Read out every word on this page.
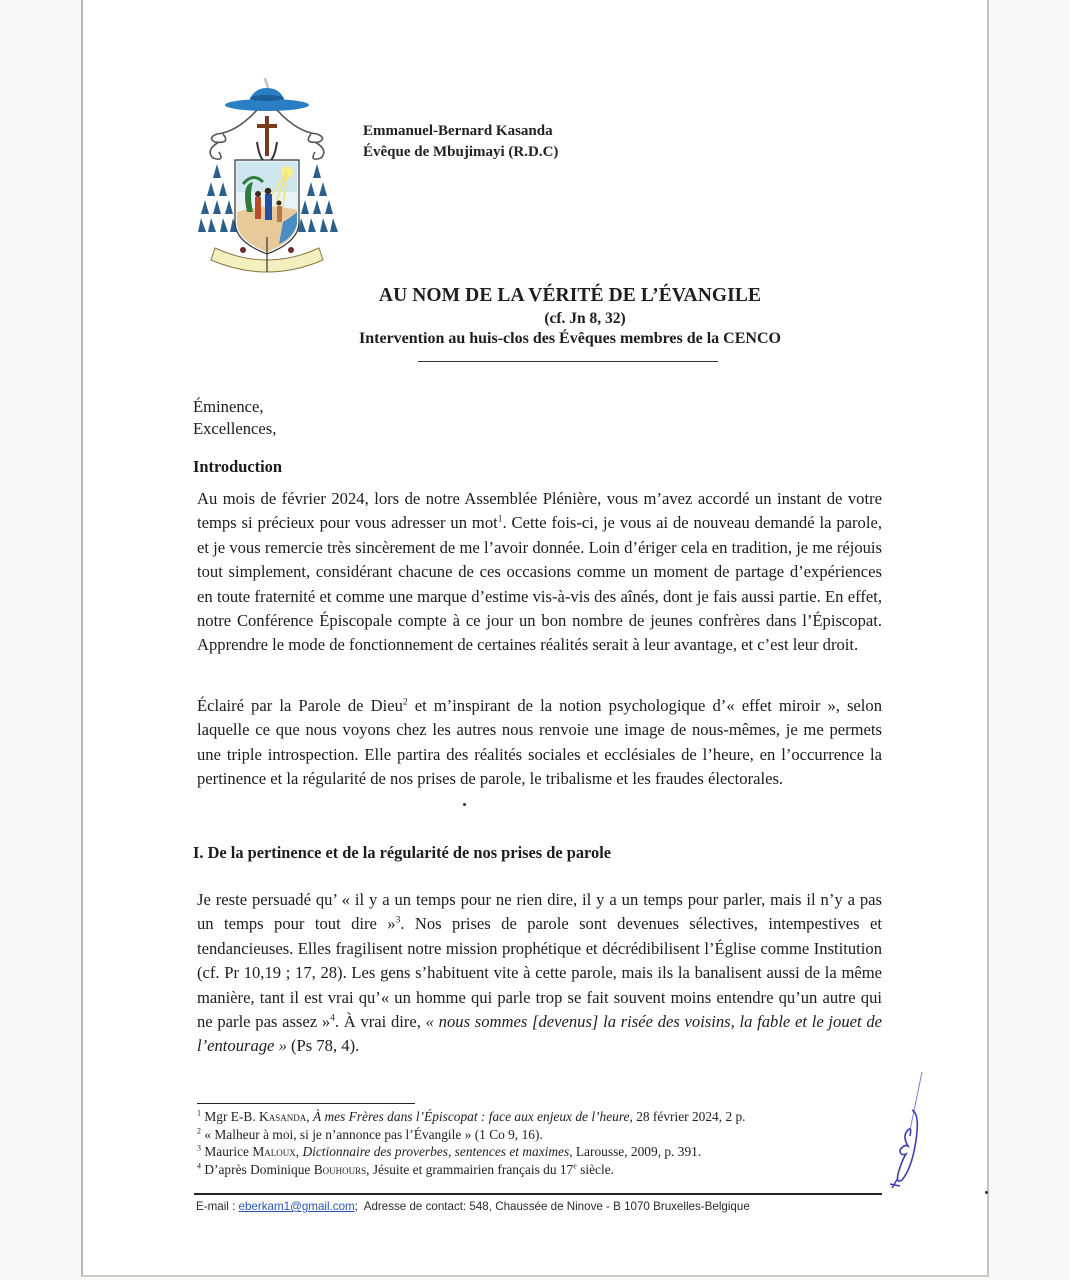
Emmanuel-Bernard Kasanda
Évêque de Mbujimayi (R.D.C)
AU NOM DE LA VÉRITÉ DE L’ÉVANGILE
(cf. Jn 8, 32)
Intervention au huis-clos des Évêques membres de la CENCO
Éminence,
Excellences,
Introduction
Au mois de février 2024, lors de notre Assemblée Plénière, vous m’avez accordé un instant de votre temps si précieux pour vous adresser un mot$^1$. Cette fois-ci, je vous ai de nouveau demandé la parole, et je vous remercie très sincèrement de me l’avoir donnée. Loin d’ériger cela en tradition, je me réjouis tout simplement, considérant chacune de ces occasions comme un moment de partage d’expériences en toute fraternité et comme une marque d’estime vis-à-vis des aînés, dont je fais aussi partie. En effet, notre Conférence Épiscopale compte à ce jour un bon nombre de jeunes confrères dans l’Épiscopat. Apprendre le mode de fonctionnement de certaines réalités serait à leur avantage, et c’est leur droit.
Éclairé par la Parole de Dieu$^2$ et m’inspirant de la notion psychologique d’« effet miroir », selon laquelle ce que nous voyons chez les autres nous renvoie une image de nous-mêmes, je me permets une triple introspection. Elle partira des réalités sociales et ecclésiales de l’heure, en l’occurrence la pertinence et la régularité de nos prises de parole, le tribalisme et les fraudes électorales.
I. De la pertinence et de la régularité de nos prises de parole
Je reste persuadé qu’ « il y a un temps pour ne rien dire, il y a un temps pour parler, mais il n’y a pas un temps pour tout dire »$^3$. Nos prises de parole sont devenues sélectives, intempestives et tendancieuses. Elles fragilisent notre mission prophétique et décrédibilisent l’Église comme Institution (cf. Pr 10,19 ; 17, 28). Les gens s’habituent vite à cette parole, mais ils la banalisent aussi de la même manière, tant il est vrai qu’« un homme qui parle trop se fait souvent moins entendre qu’un autre qui ne parle pas assez »$^4$. À vrai dire, « nous sommes [devenus] la risée des voisins, la fable et le jouet de l’entourage » (Ps 78, 4).
$^1$ Mgr E-B. Kasanda, À mes Frères dans l’Épiscopat : face aux enjeux de l’heure, 28 février 2024, 2 p.
$^2$ « Malheur à moi, si je n’annonce pas l’Évangile » (1 Co 9, 16).
$^3$ Maurice Maloux, Dictionnaire des proverbes, sentences et maximes, Larousse, 2009, p. 391.
$^4$ D’après Dominique Bouhours, Jésuite et grammairien français du 17e siècle.
E-mail : eberkam1@gmail.com;  Adresse de contact: 548, Chaussée de Ninove - B 1070 Bruxelles-Belgique
